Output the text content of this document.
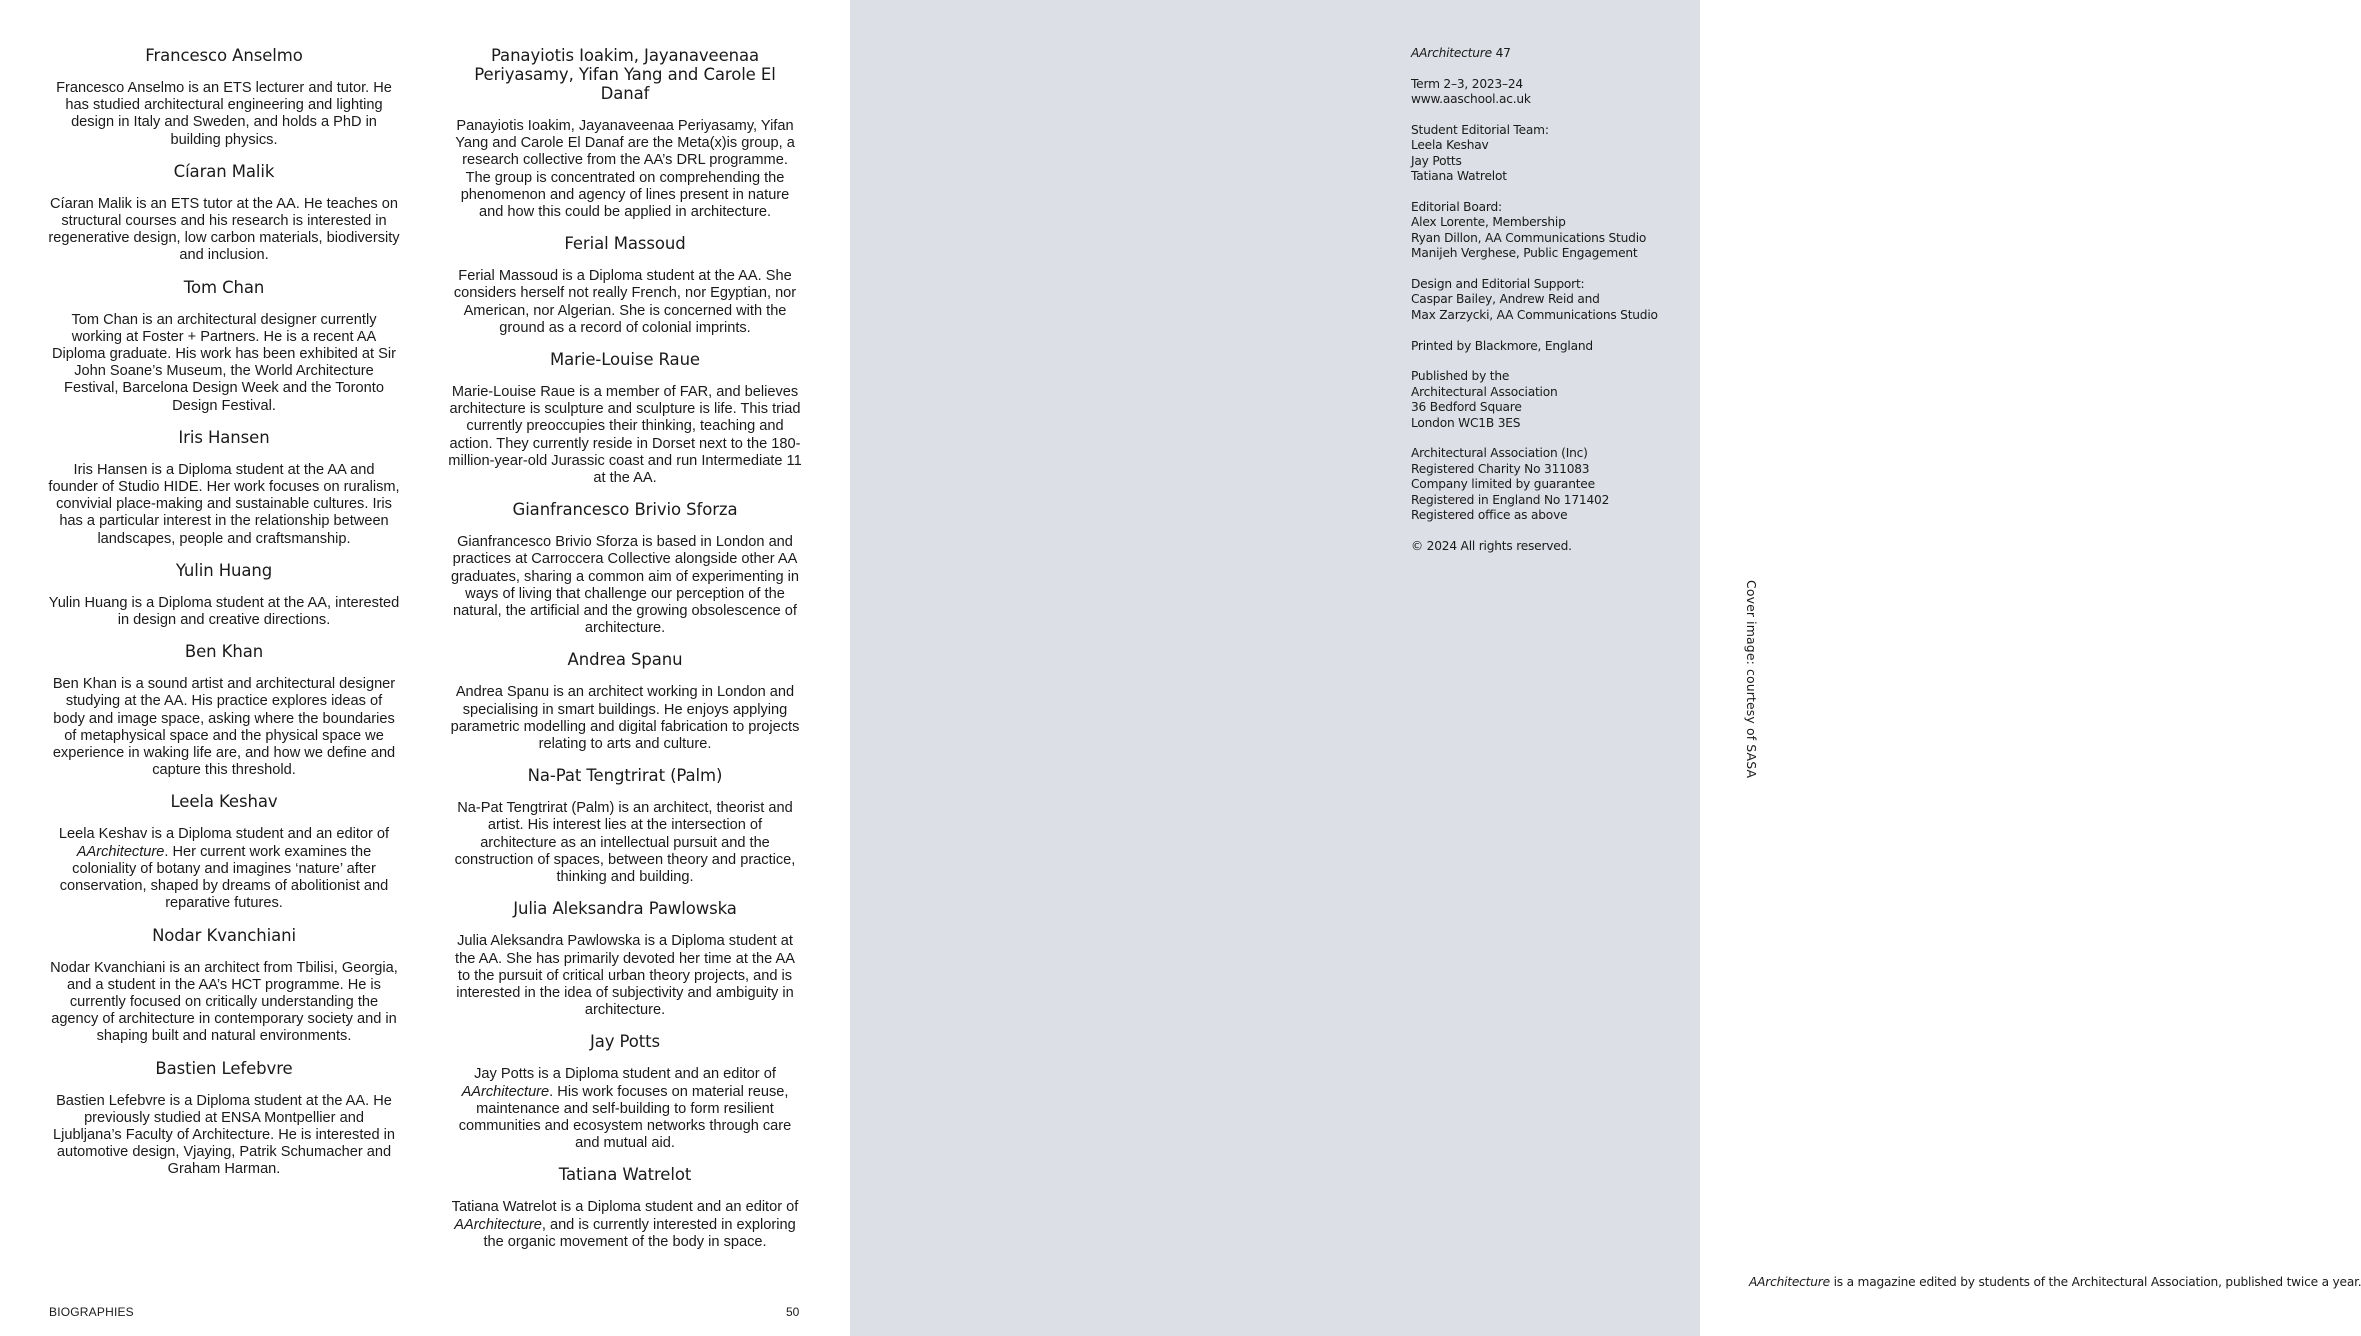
Francesco Anselmo

Francesco Anselmo is an ETS lecturer and tutor. He has studied architectural engineering and lighting design in Italy and Sweden, and holds a PhD in building physics.

Cíaran Malik

Cíaran Malik is an ETS tutor at the AA. He teaches on structural courses and his research is interested in regenerative design, low carbon materials, biodiversity and inclusion.

Tom Chan

Tom Chan is an architectural designer currently working at Foster + Partners. He is a recent AA Diploma graduate. His work has been exhibited at Sir John Soane’s Museum, the World Architecture Festival, Barcelona Design Week and the Toronto Design Festival.

Iris Hansen

Iris Hansen is a Diploma student at the AA and founder of Studio HIDE. Her work focuses on ruralism, convivial place-making and sustainable cultures. Iris has a particular interest in the relationship between landscapes, people and craftsmanship.

Yulin Huang

Yulin Huang is a Diploma student at the AA, interested in design and creative directions.

Ben Khan

Ben Khan is a sound artist and architectural designer studying at the AA. His practice explores ideas of body and image space, asking where the boundaries of metaphysical space and the physical space we experience in waking life are, and how we define and capture this threshold.

Leela Keshav

Leela Keshav is a Diploma student and an editor of AArchitecture. Her current work examines the coloniality of botany and imagines ‘nature’ after conservation, shaped by dreams of abolitionist and reparative futures.

Nodar Kvanchiani

Nodar Kvanchiani is an architect from Tbilisi, Georgia, and a student in the AA’s HCT programme. He is currently focused on critically understanding the agency of architecture in contemporary society and in shaping built and natural environments.

Bastien Lefebvre

Bastien Lefebvre is a Diploma student at the AA. He previously studied at ENSA Montpellier and Ljubljana’s Faculty of Architecture. He is interested in automotive design, Vjaying, Patrik Schumacher and Graham Harman.

Panayiotis Ioakim, Jayanaveenaa Periyasamy, Yifan Yang and Carole El Danaf

Panayiotis Ioakim, Jayanaveenaa Periyasamy, Yifan Yang and Carole El Danaf are the Meta(x)is group, a research collective from the AA’s DRL programme. The group is concentrated on comprehending the phenomenon and agency of lines present in nature and how this could be applied in architecture.

Ferial Massoud

Ferial Massoud is a Diploma student at the AA. She considers herself not really French, nor Egyptian, nor American, nor Algerian. She is concerned with the ground as a record of colonial imprints.

Marie-Louise Raue

Marie-Louise Raue is a member of FAR, and believes architecture is sculpture and sculpture is life. This triad currently preoccupies their thinking, teaching and action. They currently reside in Dorset next to the 180-million-year-old Jurassic coast and run Intermediate 11 at the AA.

Gianfrancesco Brivio Sforza

Gianfrancesco Brivio Sforza is based in London and practices at Carroccera Collective alongside other AA graduates, sharing a common aim of experimenting in ways of living that challenge our perception of the natural, the artificial and the growing obsolescence of architecture.

Andrea Spanu

Andrea Spanu is an architect working in London and specialising in smart buildings. He enjoys applying parametric modelling and digital fabrication to projects relating to arts and culture.

Na-Pat Tengtrirat (Palm)

Na-Pat Tengtrirat (Palm) is an architect, theorist and artist. His interest lies at the intersection of architecture as an intellectual pursuit and the construction of spaces, between theory and practice, thinking and building.

Julia Aleksandra Pawlowska

Julia Aleksandra Pawlowska is a Diploma student at the AA. She has primarily devoted her time at the AA to the pursuit of critical urban theory projects, and is interested in the idea of subjectivity and ambiguity in architecture.

Jay Potts

Jay Potts is a Diploma student and an editor of AArchitecture. His work focuses on material reuse, maintenance and self-building to form resilient communities and ecosystem networks through care and mutual aid.

Tatiana Watrelot

Tatiana Watrelot is a Diploma student and an editor of AArchitecture, and is currently interested in exploring the organic movement of the body in space.

BIOGRAPHIES	50
Cover image: courtesy of SASA
AArchitecture is a magazine edited by students of the Architectural Association, published twice a year.
AArchitecture 47
Term 2–3, 2023–24
www.aaschool.ac.uk
Student Editorial Team:
Leela Keshav
Jay Potts
Tatiana Watrelot
Editorial Board:
Alex Lorente, Membership
Ryan Dillon, AA Communications Studio
Manijeh Verghese, Public Engagement
Design and Editorial Support:
Caspar Bailey, Andrew Reid and
Max Zarzycki, AA Communications Studio
Printed by Blackmore, England
Published by the
Architectural Association
36 Bedford Square
London WC1B 3ES
Architectural Association (Inc)
Registered Charity No 311083
Company limited by guarantee
Registered in England No 171402
Registered office as above
© 2024 All rights reserved.
